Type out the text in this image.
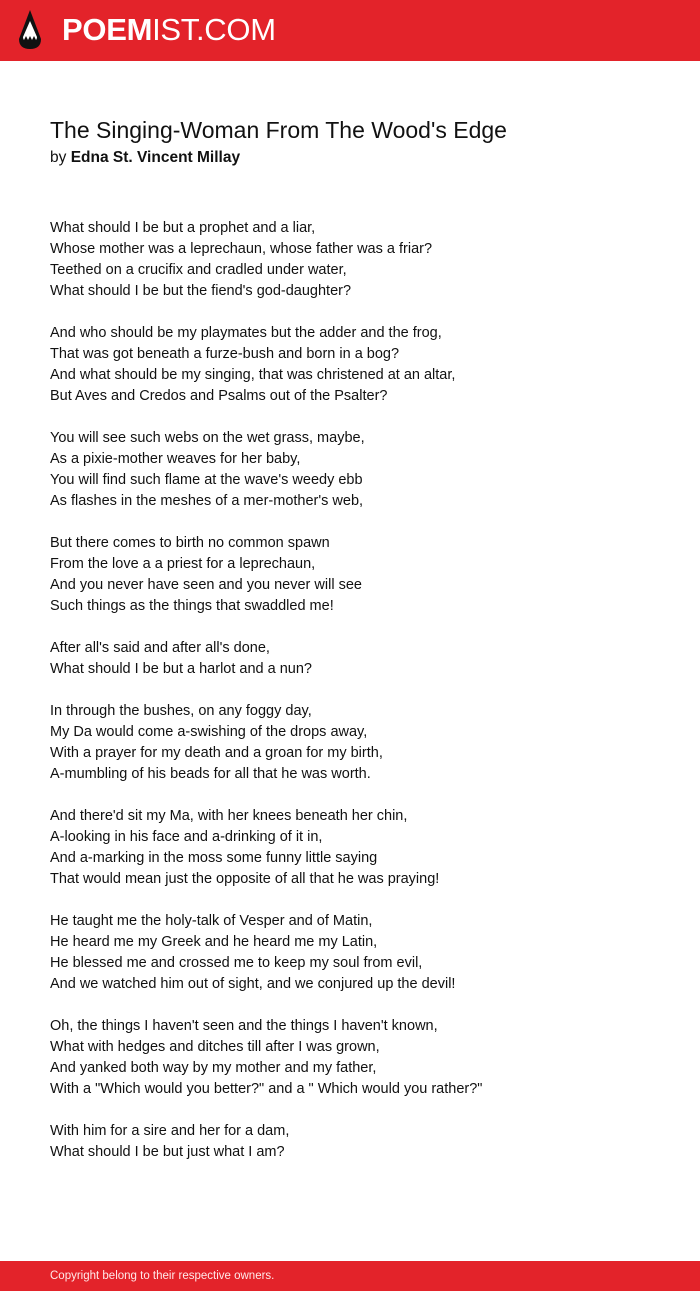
POEMIST.COM
The Singing-Woman From The Wood's Edge
by Edna St. Vincent Millay
What should I be but a prophet and a liar,
Whose mother was a leprechaun, whose father was a friar?
Teethed on a crucifix and cradled under water,
What should I be but the fiend's god-daughter?
And who should be my playmates but the adder and the frog,
That was got beneath a furze-bush and born in a bog?
And what should be my singing, that was christened at an altar,
But Aves and Credos and Psalms out of the Psalter?
You will see such webs on the wet grass, maybe,
As a pixie-mother weaves for her baby,
You will find such flame at the wave's weedy ebb
As flashes in the meshes of a mer-mother's web,
But there comes to birth no common spawn
From the love a a priest for a leprechaun,
And you never have seen and you never will see
Such things as the things that swaddled me!
After all's said and after all's done,
What should I be but a harlot and a nun?
In through the bushes, on any foggy day,
My Da would come a-swishing of the drops away,
With a prayer for my death and a groan for my birth,
A-mumbling of his beads for all that he was worth.
And there'd sit my Ma, with her knees beneath her chin,
A-looking in his face and a-drinking of it in,
And a-marking in the moss some funny little saying
That would mean just the opposite of all that he was praying!
He taught me the holy-talk of Vesper and of Matin,
He heard me my Greek and he heard me my Latin,
He blessed me and crossed me to keep my soul from evil,
And we watched him out of sight, and we conjured up the devil!
Oh, the things I haven't seen and the things I haven't known,
What with hedges and ditches till after I was grown,
And yanked both way by my mother and my father,
With a "Which would you better?" and a " Which would you rather?"
With him for a sire and her for a dam,
What should I be but just what I am?
Copyright belong to their respective owners.
